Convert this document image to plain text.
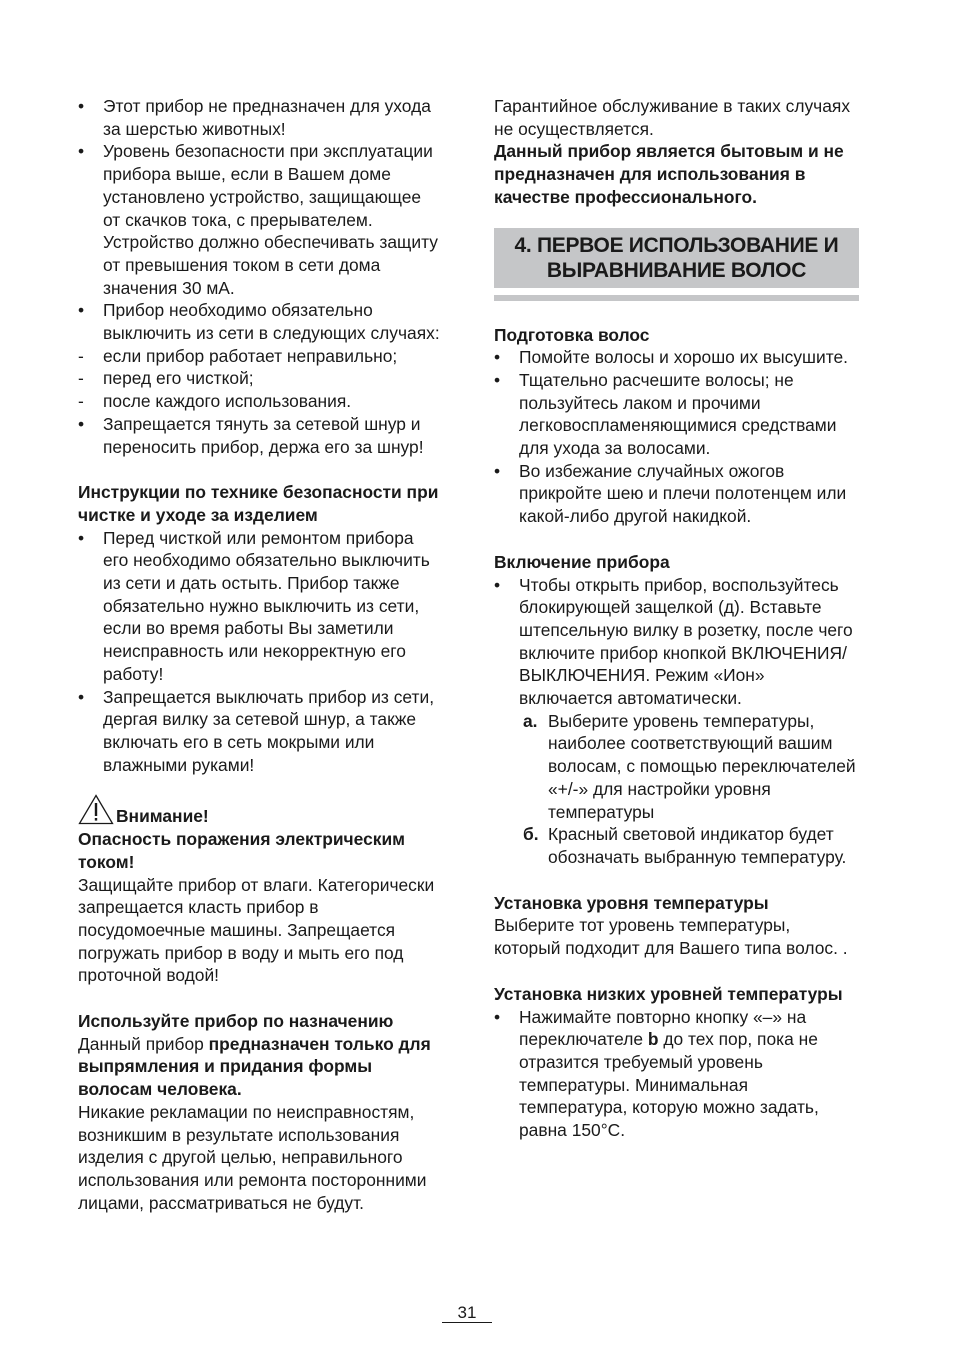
• Этот прибор не предназначен для ухода за шерстью животных!
• Уровень безопасности при эксплуатации прибора выше, если в Вашем доме установлено устройство, защищающее от скачков тока, с прерывателем. Устройство должно обеспечивать защиту от превышения током в сети дома значения 30 мА.
• Прибор необходимо обязательно выключить из сети в следующих случаях:
- если прибор работает неправильно;
- перед его чисткой;
- после каждого использования.
• Запрещается тянуть за сетевой шнур и переносить прибор, держа его за шнур!

Инструкции по технике безопасности при чистке и уходе за изделием

• Перед чисткой или ремонтом прибора его необходимо обязательно выключить из сети и дать остыть. Прибор также обязательно нужно выключить из сети, если во время работы Вы заметили неисправность или некорректную его работу!
• Запрещается выключать прибор из сети, дергая вилку за сетевой шнур, а также включать его в сеть мокрыми или влажными руками!

Внимание!

Опасность поражения электрическим током!

Защищайте прибор от влаги. Категорически запрещается класть прибор в посудомоечные машины. Запрещается погружать прибор в воду и мыть его под проточной водой!

Используйте прибор по назначению

Данный прибор предназначен только для выпрямления и придания формы волосам человека.

Никакие рекламации по неисправностям, возникшим в результате использования изделия с другой целью, неправильного использования или ремонта посторонними лицами, рассматриваться не будут.

Гарантийное обслуживание в таких случаях не осуществляется.

Данный прибор является бытовым и не предназначен для использования в качестве профессионального.

4. ПЕРВОЕ ИСПОЛЬЗОВАНИЕ И
ВЫРАВНИВАНИЕ ВОЛОС

Подготовка волос

• Помойте волосы и хорошо их высушите.
• Тщательно расчешите волосы; не пользуйтесь лаком и прочими легковоспламеняющимися средствами для ухода за волосами.
• Во избежание случайных ожогов прикройте шею и плечи полотенцем или какой-либо другой накидкой.

Включение прибора

• Чтобы открыть прибор, воспользуйтесь блокирующей защелкой (д). Вставьте штепсельную вилку в розетку, после чего включите прибор кнопкой ВКЛЮЧЕНИЯ/ ВЫКЛЮЧЕНИЯ. Режим «Ион» включается автоматически.
а. Выберите уровень температуры, наиболее соответствующий вашим волосам, с помощью переключателей «+/-» для настройки уровня температуры
б. Красный световой индикатор будет обозначать выбранную температуру.

Установка уровня температуры

Выберите тот уровень температуры, который подходит для Вашего типа волос. .

Установка низких уровней температуры

• Нажимайте повторно кнопку «–» на переключателе b до тех пор, пока не отразится требуемый уровень температуры. Минимальная температура, которую можно задать, равна 150°С.
31
